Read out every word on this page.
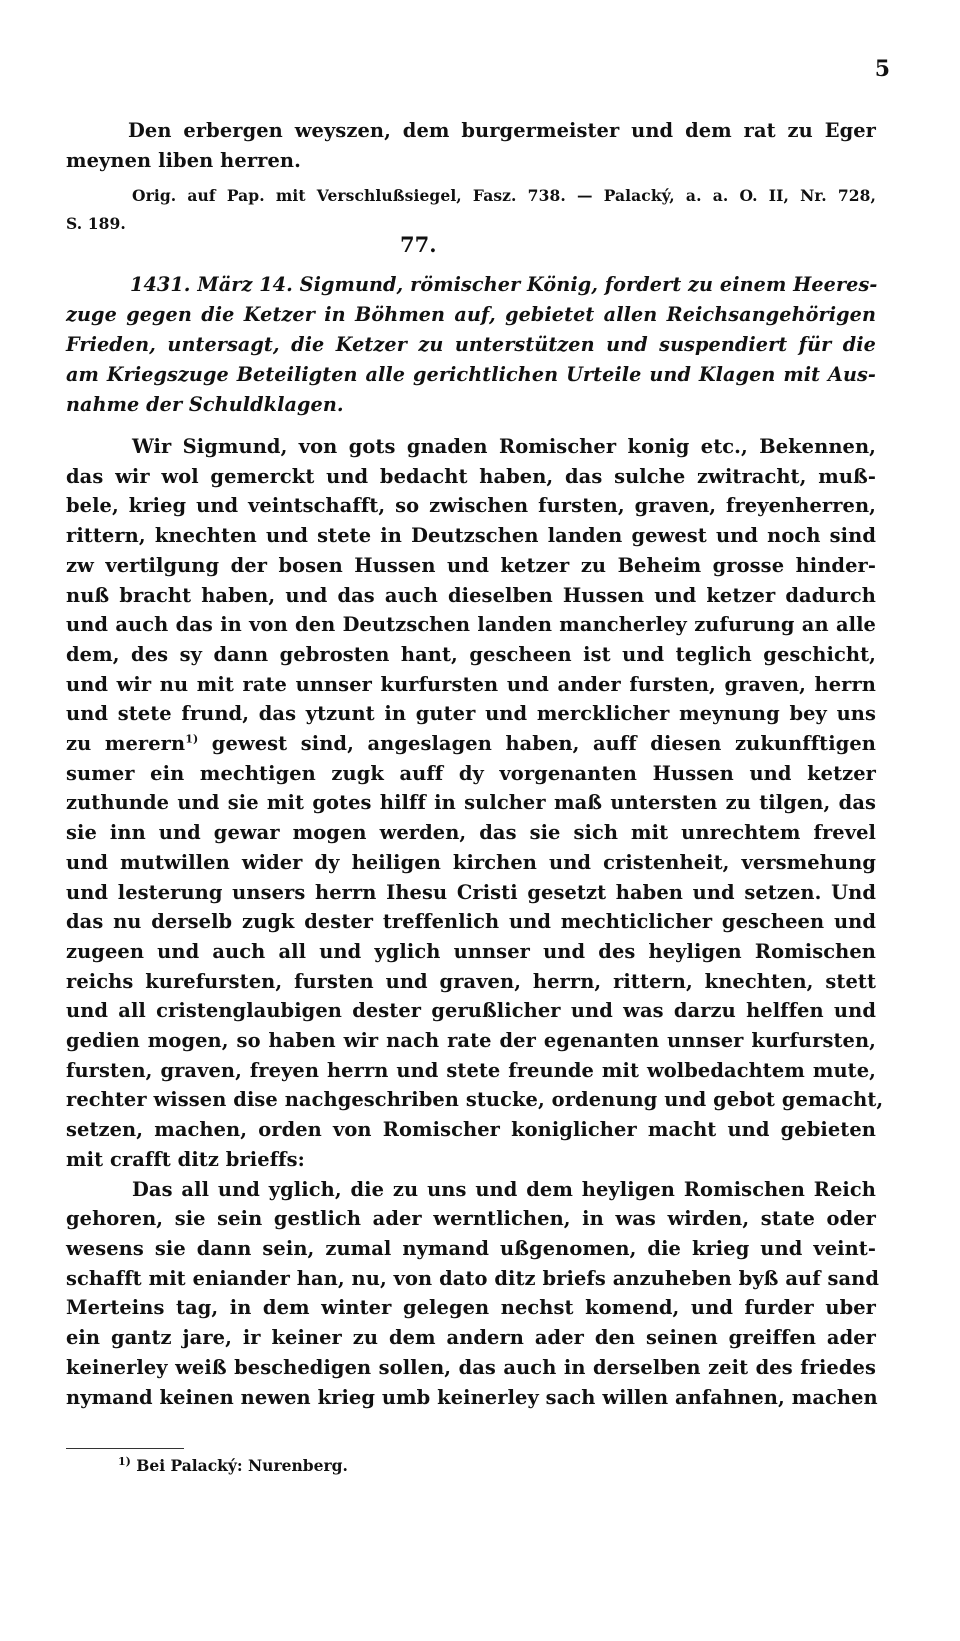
5
Den erbergen weyszen, dem burgermeister und dem rat zu Eger
meynen liben herren.
Orig. auf Pap. mit Verschlußsiegel, Fasz. 738. — Palacký, a. a. O. II, Nr. 728,
S. 189.
77.
1431. März 14. Sigmund, römischer König, fordert zu einem Heeres-
zuge gegen die Ketzer in Böhmen auf, gebietet allen Reichsangehörigen
Frieden, untersagt, die Ketzer zu unterstützen und suspendiert für die
am Kriegszuge Beteiligten alle gerichtlichen Urteile und Klagen mit Aus-
nahme der Schuldklagen.
Wir Sigmund, von gots gnaden Romischer konig etc., Bekennen,
das wir wol gemerckt und bedacht haben, das sulche zwitracht, muß-
bele, krieg und veintschafft, so zwischen fursten, graven, freyenherren,
rittern, knechten und stete in Deutzschen landen gewest und noch sind
zw vertilgung der bosen Hussen und ketzer zu Beheim grosse hinder-
nuß bracht haben, und das auch dieselben Hussen und ketzer dadurch
und auch das in von den Deutzschen landen mancherley zufurung an alle
dem, des sy dann gebrosten hant, gescheen ist und teglich geschicht,
und wir nu mit rate unnser kurfursten und ander fursten, graven, herrn
und stete frund, das ytzunt in guter und mercklicher meynung bey uns
zu merern$^{1)}$ gewest sind, angeslagen haben, auff diesen zukunfftigen
sumer ein mechtigen zugk auff dy vorgenanten Hussen und ketzer
zuthunde und sie mit gotes hilff in sulcher maß untersten zu tilgen, das
sie inn und gewar mogen werden, das sie sich mit unrechtem frevel
und mutwillen wider dy heiligen kirchen und cristenheit, versmehung
und lesterung unsers herrn Ihesu Cristi gesetzt haben und setzen. Und
das nu derselb zugk dester treffenlich und mechticlicher gescheen und
zugeen und auch all und yglich unnser und des heyligen Romischen
reichs kurefursten, fursten und graven, herrn, rittern, knechten, stett
und all cristenglaubigen dester gerußlicher und was darzu helffen und
gedien mogen, so haben wir nach rate der egenanten unnser kurfursten,
fursten, graven, freyen herrn und stete freunde mit wolbedachtem mute,
rechter wissen dise nachgeschriben stucke, ordenung und gebot gemacht,
setzen, machen, orden von Romischer koniglicher macht und gebieten
mit crafft ditz brieffs:
Das all und yglich, die zu uns und dem heyligen Romischen Reich
gehoren, sie sein gestlich ader werntlichen, in was wirden, state oder
wesens sie dann sein, zumal nymand ußgenomen, die krieg und veint-
schafft mit eniander han, nu, von dato ditz briefs anzuheben byß auf sand
Merteins tag, in dem winter gelegen nechst komend, und furder uber
ein gantz jare, ir keiner zu dem andern ader den seinen greiffen ader
keinerley weiß beschedigen sollen, das auch in derselben zeit des friedes
nymand keinen newen krieg umb keinerley sach willen anfahnen, machen
$^{1)}$ Bei Palacký: Nurenberg.
